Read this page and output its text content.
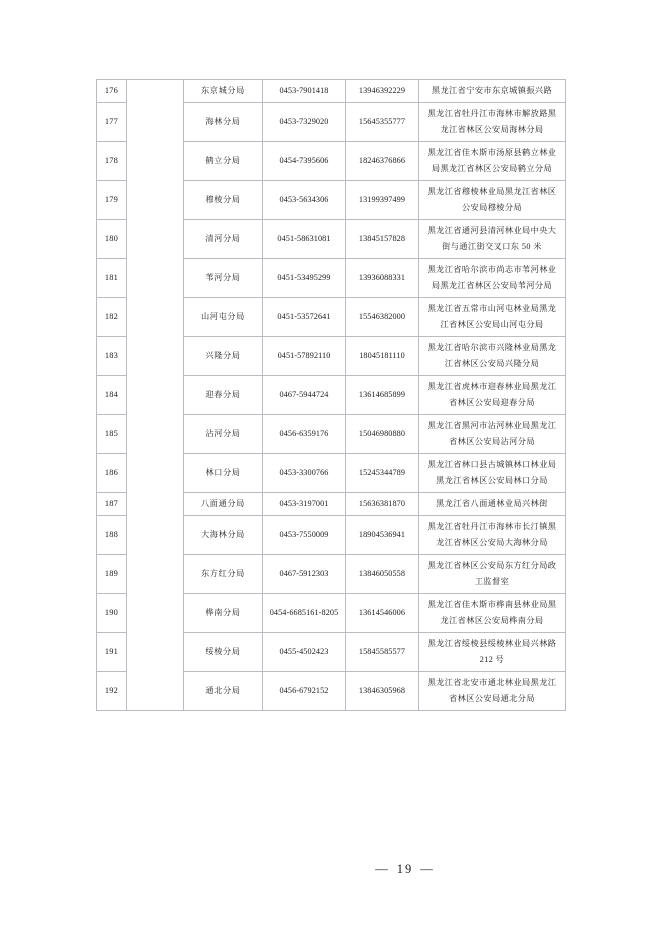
176		东京城分局	0453-7901418	13946392229	黑龙江省宁安市东京城镇振兴路
177		海林分局	0453-7329020	15645355777	黑龙江省牡丹江市海林市解放路黑龙江省林区公安局海林分局
178		鹤立分局	0454-7395606	18246376866	黑龙江省佳木斯市汤原县鹤立林业局黑龙江省林区公安局鹤立分局
179		穆棱分局	0453-5634306	13199397499	黑龙江省穆棱林业局黑龙江省林区公安局穆棱分局
180		清河分局	0451-58631081	13845157828	黑龙江省通河县清河林业局中央大街与通江街交叉口东 50 米
181		苇河分局	0451-53495299	13936088331	黑龙江省哈尔滨市尚志市苇河林业局黑龙江省林区公安局苇河分局
182		山河屯分局	0451-53572641	15546382000	黑龙江省五常市山河屯林业局黑龙江省林区公安局山河屯分局
183		兴隆分局	0451-57892110	18045181110	黑龙江省哈尔滨市兴隆林业局黑龙江省林区公安局兴隆分局
184		迎春分局	0467-5944724	13614685899	黑龙江省虎林市迎春林业局黑龙江省林区公安局迎春分局
185		沾河分局	0456-6359176	15046980880	黑龙江省黑河市沾河林业局黑龙江省林区公安局沾河分局
186		林口分局	0453-3300766	15245344789	黑龙江省林口县古城镇林口林业局黑龙江省林区公安局林口分局
187		八面通分局	0453-3197001	15636381870	黑龙江省八面通林业局兴林街
188		大海林分局	0453-7550009	18904536941	黑龙江省牡丹江市海林市长汀镇黑龙江省林区公安局大海林分局
189		东方红分局	0467-5912303	13846050558	黑龙江省林区公安局东方红分局政工监督室
190		桦南分局	0454-6685161-8205	13614546006	黑龙江省佳木斯市桦南县林业局黑龙江省林区公安局桦南分局
191		绥棱分局	0455-4502423	15845585577	黑龙江省绥棱县绥棱林业局兴林路 212 号
192		通北分局	0456-6792152	13846305968	黑龙江省北安市通北林业局黑龙江省林区公安局通北分局
— 19 —
